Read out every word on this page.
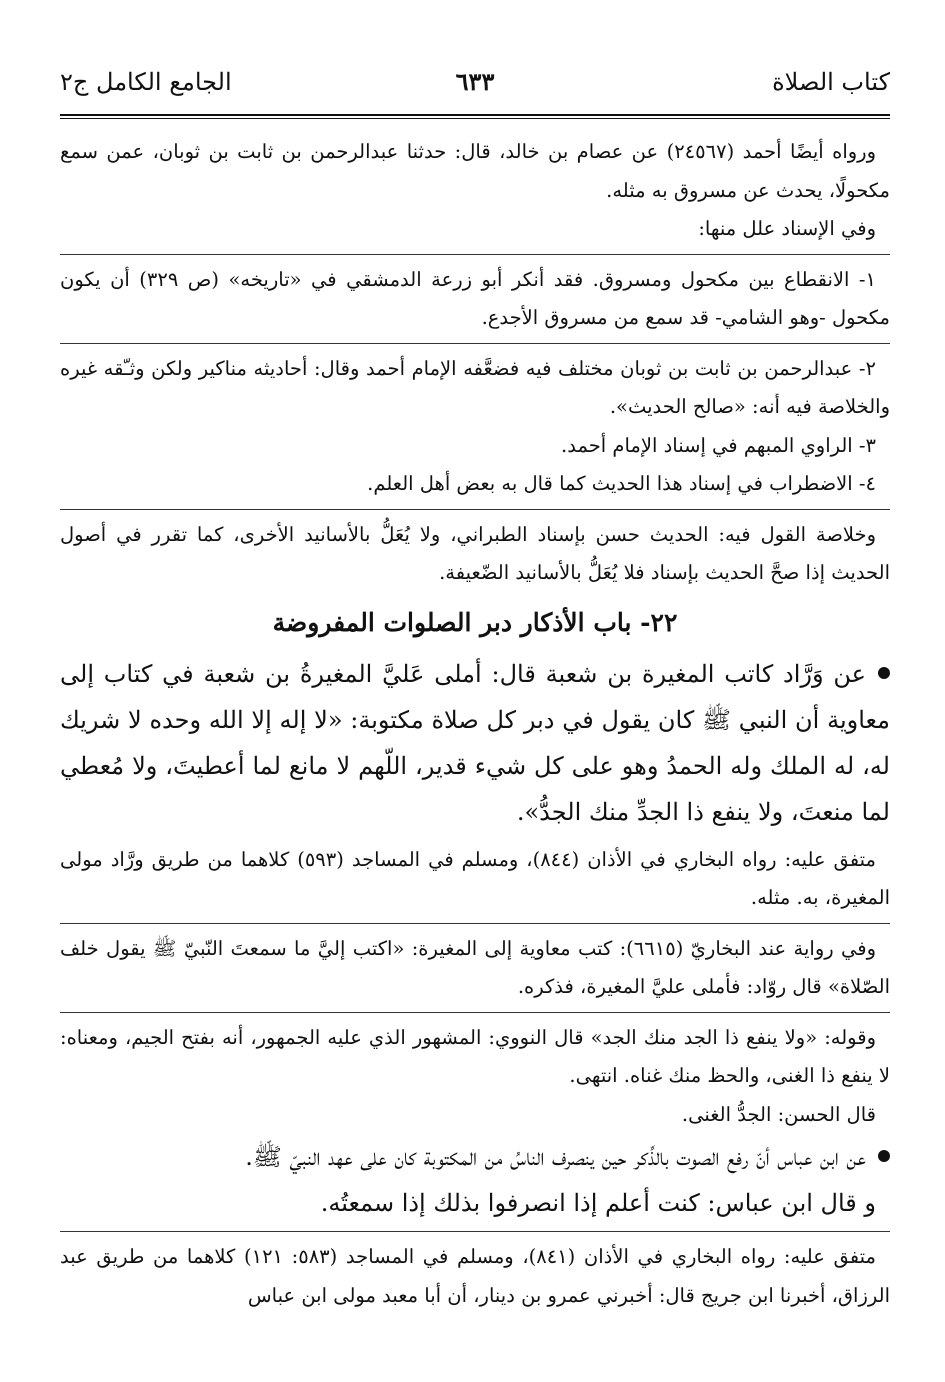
كتاب الصلاة
٦٣٣
الجامع الكامل ج٢

ورواه أيضًا أحمد (٢٤٥٦٧) عن عصام بن خالد، قال: حدثنا عبدالرحمن بن ثابت بن ثوبان، عمن سمع مكحولًا، يحدث عن مسروق به مثله.

وفي الإسناد علل منها:

١- الانقطاع بين مكحول ومسروق. فقد أنكر أبو زرعة الدمشقي في «تاريخه» (ص ٣٢٩) أن يكون مكحول -وهو الشامي- قد سمع من مسروق الأجدع.

٢- عبدالرحمن بن ثابت بن ثوبان مختلف فيه فضعَّفه الإمام أحمد وقال: أحاديثه مناكير ولكن وثـّقه غيره والخلاصة فيه أنه: «صالح الحديث».

٣- الراوي المبهم في إسناد الإمام أحمد.

٤- الاضطراب في إسناد هذا الحديث كما قال به بعض أهل العلم.

وخلاصة القول فيه: الحديث حسن بإسناد الطبراني، ولا يُعَلُّ بالأسانيد الأخرى، كما تقرر في أصول الحديث إذا صحَّ الحديث بإسناد فلا يُعَلُّ بالأسانيد الضّعيفة.

٢٢- باب الأذكار دبر الصلوات المفروضة

عن وَرَّاد كاتب المغيرة بن شعبة قال: أملى عَليَّ المغيرةُ بن شعبة في كتاب إلى معاوية أن النبي ﷺ كان يقول في دبر كل صلاة مكتوبة: «لا إله إلا الله وحده لا شريك له، له الملك وله الحمدُ وهو على كل شيء قدير، اللّهم لا مانع لما أعطيتَ، ولا مُعطي لما منعتَ، ولا ينفع ذا الجدِّ منك الجدُّ».

متفق عليه: رواه البخاري في الأذان (٨٤٤)، ومسلم في المساجد (٥٩٣) كلاهما من طريق ورَّاد مولى المغيرة، به. مثله.

وفي رواية عند البخاريّ (٦٦١٥): كتب معاوية إلى المغيرة: «اكتب إليَّ ما سمعتَ النّبيّ ﷺ يقول خلف الصّلاة» قال روّاد: فأملى عليَّ المغيرة، فذكره.

وقوله: «ولا ينفع ذا الجد منك الجد» قال النووي: المشهور الذي عليه الجمهور، أنه بفتح الجيم، ومعناه: لا ينفع ذا الغنى، والحظ منك غناه. انتهى.

قال الحسن: الجدُّ الغنى.

عن ابن عباس أنّ رفع الصوت بالذِّكر حين ينصرف الناسُ من المكتوبة كان على عهد النبيّ ﷺ.

و قال ابن عباس: كنت أعلم إذا انصرفوا بذلك إذا سمعتُه.

متفق عليه: رواه البخاري في الأذان (٨٤١)، ومسلم في المساجد (٥٨٣: ١٢١) كلاهما من طريق عبد الرزاق، أخبرنا ابن جريج قال: أخبرني عمرو بن دينار، أن أبا معبد مولى ابن عباس
